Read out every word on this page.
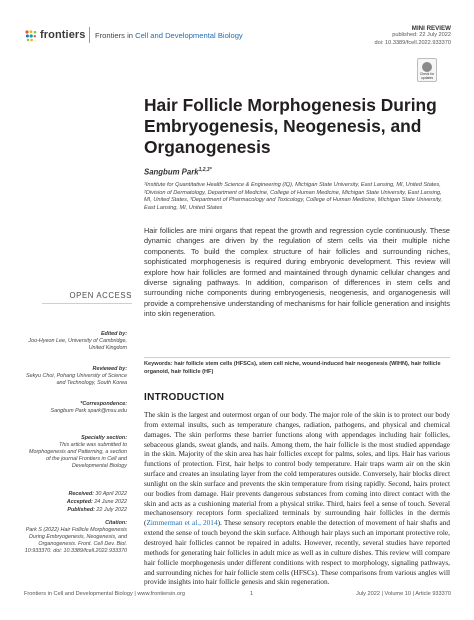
frontiers Frontiers in Cell and Developmental Biology
MINI REVIEW
published: 22 July 2022
doi: 10.3389/fcell.2022.933370
Check for updates
Hair Follicle Morphogenesis During Embryogenesis, Neogenesis, and Organogenesis
Sangbum Park$^{1,2,3*}$
¹Institute for Quantitative Health Science & Engineering (IQ), Michigan State University, East Lansing, MI, United States, ²Division of Dermatology, Department of Medicine, College of Human Medicine, Michigan State University, East Lansing, MI, United States, ³Department of Pharmacology and Toxicology, College of Human Medicine, Michigan State University, East Lansing, MI, United States
Hair follicles are mini organs that repeat the growth and regression cycle continuously. These dynamic changes are driven by the regulation of stem cells via their multiple niche components. To build the complex structure of hair follicles and surrounding niches, sophisticated morphogenesis is required during embryonic development. This review will explore how hair follicles are formed and maintained through dynamic cellular changes and diverse signaling pathways. In addition, comparison of differences in stem cells and surrounding niche components during embryogenesis, neogenesis, and organogenesis will provide a comprehensive understanding of mechanisms for hair follicle generation and insights into skin regeneration.
Keywords: hair follicle stem cells (HFSCs), stem cell niche, wound-induced hair neogenesis (WIHN), hair follicle organoid, hair follicle (HF)
OPEN ACCESS
Edited by:
Joo-Hyeon Lee, University of Cambridge, United Kingdom
Reviewed by:
Sekyu Choi, Pohang University of Science and Technology, South Korea
*Correspondence:
Sangbum Park spark@msu.edu
Specialty section:
This article was submitted to Morphogenesis and Patterning, a section of the journal Frontiers in Cell and Developmental Biology
Received: 30 April 2022
Accepted: 24 June 2022
Published: 22 July 2022
Citation:
Park S (2022) Hair Follicle Morphogenesis During Embryogenesis, Neogenesis, and Organogenesis. Front. Cell Dev. Biol. 10:933370. doi: 10.3389/fcell.2022.933370
INTRODUCTION
The skin is the largest and outermost organ of our body. The major role of the skin is to protect our body from external insults, such as temperature changes, radiation, pathogens, and physical and chemical damages. The skin performs these barrier functions along with appendages including hair follicles, sebaceous glands, sweat glands, and nails. Among them, the hair follicle is the most studied appendage in the skin. Majority of the skin area has hair follicles except for palms, soles, and lips. Hair has various functions of protection. First, hair helps to control body temperature. Hair traps warm air on the skin surface and creates an insulating layer from the cold temperatures outside. Conversely, hair blocks direct sunlight on the skin surface and prevents the skin temperature from rising rapidly. Second, hairs protect our bodies from damage. Hair prevents dangerous substances from coming into direct contact with the skin and acts as a cushioning material from a physical strike. Third, hairs feel a sense of touch. Several mechanosensory receptors form specialized terminals by surrounding hair follicles in the dermis (Zimmerman et al., 2014). These sensory receptors enable the detection of movement of hair shafts and extend the sense of touch beyond the skin surface. Although hair plays such an important protective role, destroyed hair follicles cannot be repaired in adults. However, recently, several studies have reported methods for generating hair follicles in adult mice as well as in culture dishes. This review will compare hair follicle morphogenesis under different conditions with respect to morphology, signaling pathways, and surrounding niches for hair follicle stem cells (HFSCs). These comparisons from various angles will provide insights into hair follicle genesis and skin regeneration.
Frontiers in Cell and Developmental Biology | www.frontiersin.org	1	July 2022 | Volume 10 | Article 933370
